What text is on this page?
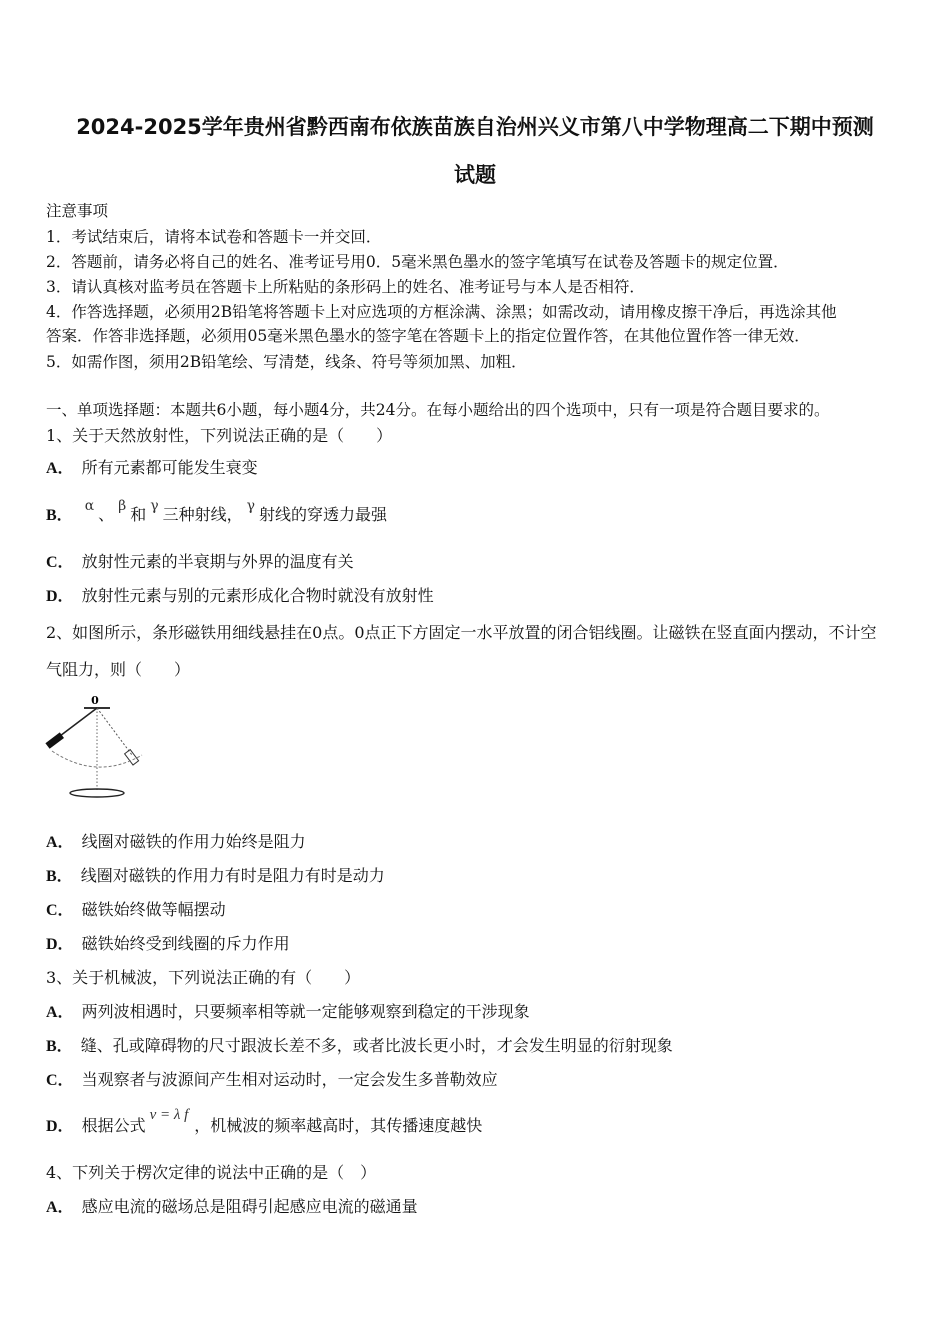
2024-2025学年贵州省黔西南布依族苗族自治州兴义市第八中学物理高二下期中预测
试题
注意事项
1．考试结束后，请将本试卷和答题卡一并交回．
2．答题前，请务必将自己的姓名、准考证号用0．5毫米黑色墨水的签字笔填写在试卷及答题卡的规定位置．
3．请认真核对监考员在答题卡上所粘贴的条形码上的姓名、准考证号与本人是否相符．
4．作答选择题，必须用2B铅笔将答题卡上对应选项的方框涂满、涂黑；如需改动，请用橡皮擦干净后，再选涂其他
答案．作答非选择题，必须用05毫米黑色墨水的签字笔在答题卡上的指定位置作答，在其他位置作答一律无效．
5．如需作图，须用2B铅笔绘、写清楚，线条、符号等须加黑、加粗．
一、单项选择题：本题共6小题，每小题4分，共24分。在每小题给出的四个选项中，只有一项是符合题目要求的。
1、关于天然放射性，下列说法正确的是（　　）
A． 所有元素都可能发生衰变
B．α 、 β 和 γ 三种射线， γ 射线的穿透力最强
C． 放射性元素的半衰期与外界的温度有关
D． 放射性元素与别的元素形成化合物时就没有放射性
2、如图所示，条形磁铁用细线悬挂在0点。0点正下方固定一水平放置的闭合铝线圈。让磁铁在竖直面内摆动，不计空
气阻力，则（　　）
0
A． 线圈对磁铁的作用力始终是阻力
B． 线圈对磁铁的作用力有时是阻力有时是动力
C． 磁铁始终做等幅摆动
D． 磁铁始终受到线圈的斥力作用
3、关于机械波，下列说法正确的有（　　）
A． 两列波相遇时，只要频率相等就一定能够观察到稳定的干涉现象
B． 缝、孔或障碍物的尺寸跟波长差不多，或者比波长更小时，才会发生明显的衍射现象
C． 当观察者与波源间产生相对运动时，一定会发生多普勒效应
D． 根据公式v = λ f，机械波的频率越高时，其传播速度越快
4、下列关于楞次定律的说法中正确的是（　）
A． 感应电流的磁场总是阻碍引起感应电流的磁通量
